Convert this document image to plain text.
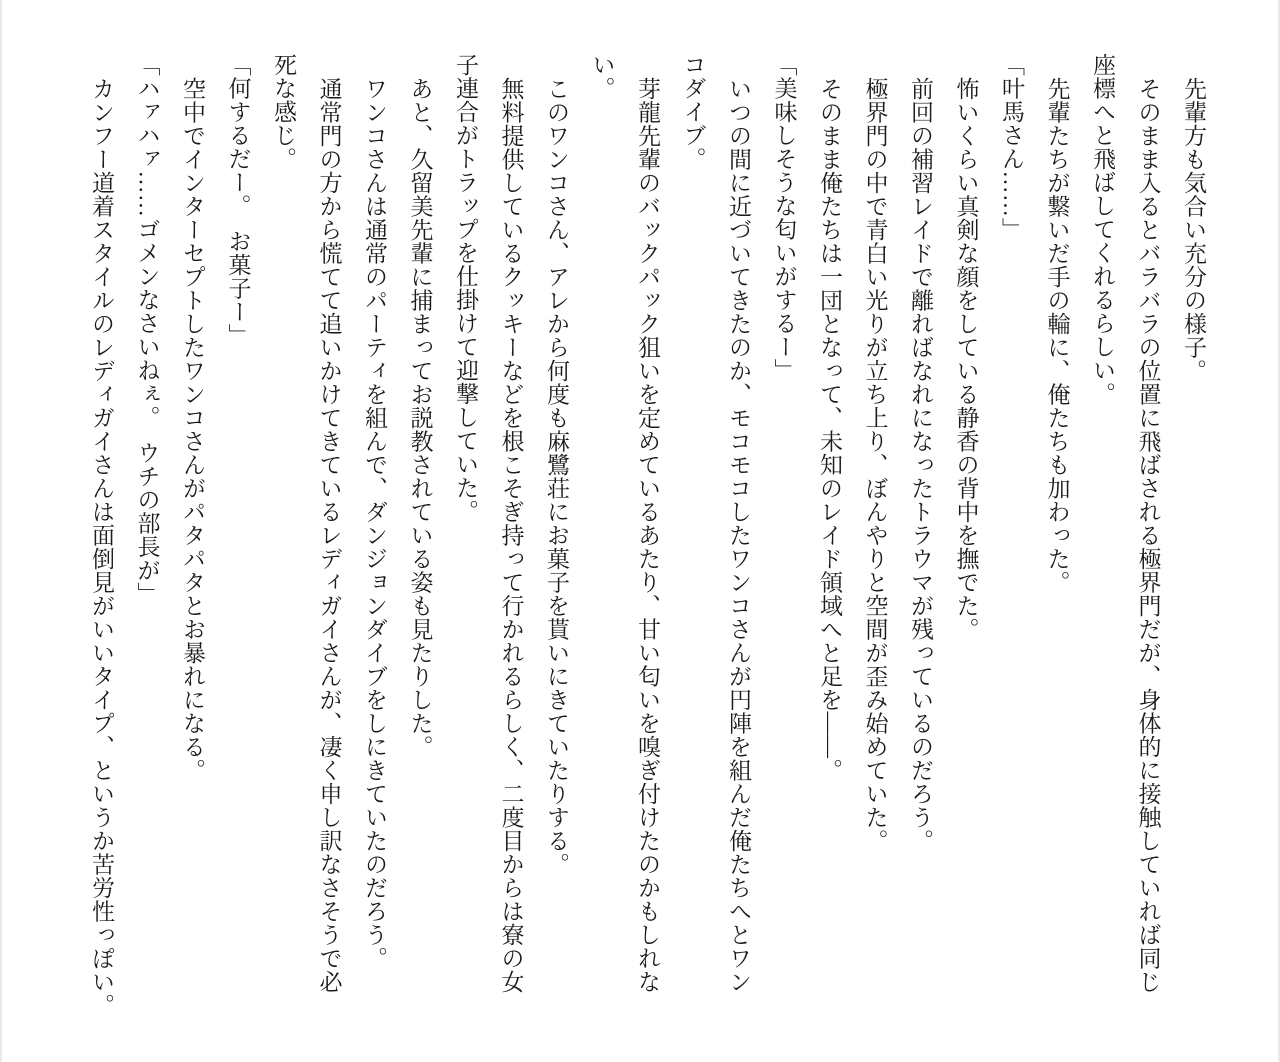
先輩方も気合い充分の様子。

そのまま入るとバラバラの位置に飛ばされる極界門だが、身体的に接触していれば同じ

座標へと飛ばしてくれるらしい。

先輩たちが繋いだ手の輪に、俺たちも加わった。

「叶馬さん……」

怖いくらい真剣な顔をしている静香の背中を撫でた。

前回の補習レイドで離ればなれになったトラウマが残っているのだろう。

極界門の中で青白い光りが立ち上り、ぼんやりと空間が歪み始めていた。

そのまま俺たちは一団となって、未知のレイド領域へと足を――。

「美味しそうな匂いがするー」

いつの間に近づいてきたのか、モコモコしたワンコさんが円陣を組んだ俺たちへとワン

コダイブ。

芽龍先輩のバックパック狙いを定めているあたり、甘い匂いを嗅ぎ付けたのかもしれな

い。

このワンコさん、アレから何度も麻鷺荘にお菓子を貰いにきていたりする。

無料提供しているクッキーなどを根こそぎ持って行かれるらしく、二度目からは寮の女

子連合がトラップを仕掛けて迎撃していた。

あと、久留美先輩に捕まってお説教されている姿も見たりした。

ワンコさんは通常のパーティを組んで、ダンジョンダイブをしにきていたのだろう。

通常門の方から慌てて追いかけてきているレディガイさんが、凄く申し訳なさそうで必

死な感じ。

「何するだー。　お菓子ー」

空中でインターセプトしたワンコさんがパタパタとお暴れになる。

「ハァハァ……ゴメンなさいねぇ。　ウチの部長が」

カンフー道着スタイルのレディガイさんは面倒見がいいタイプ、というか苦労性っぽい。
